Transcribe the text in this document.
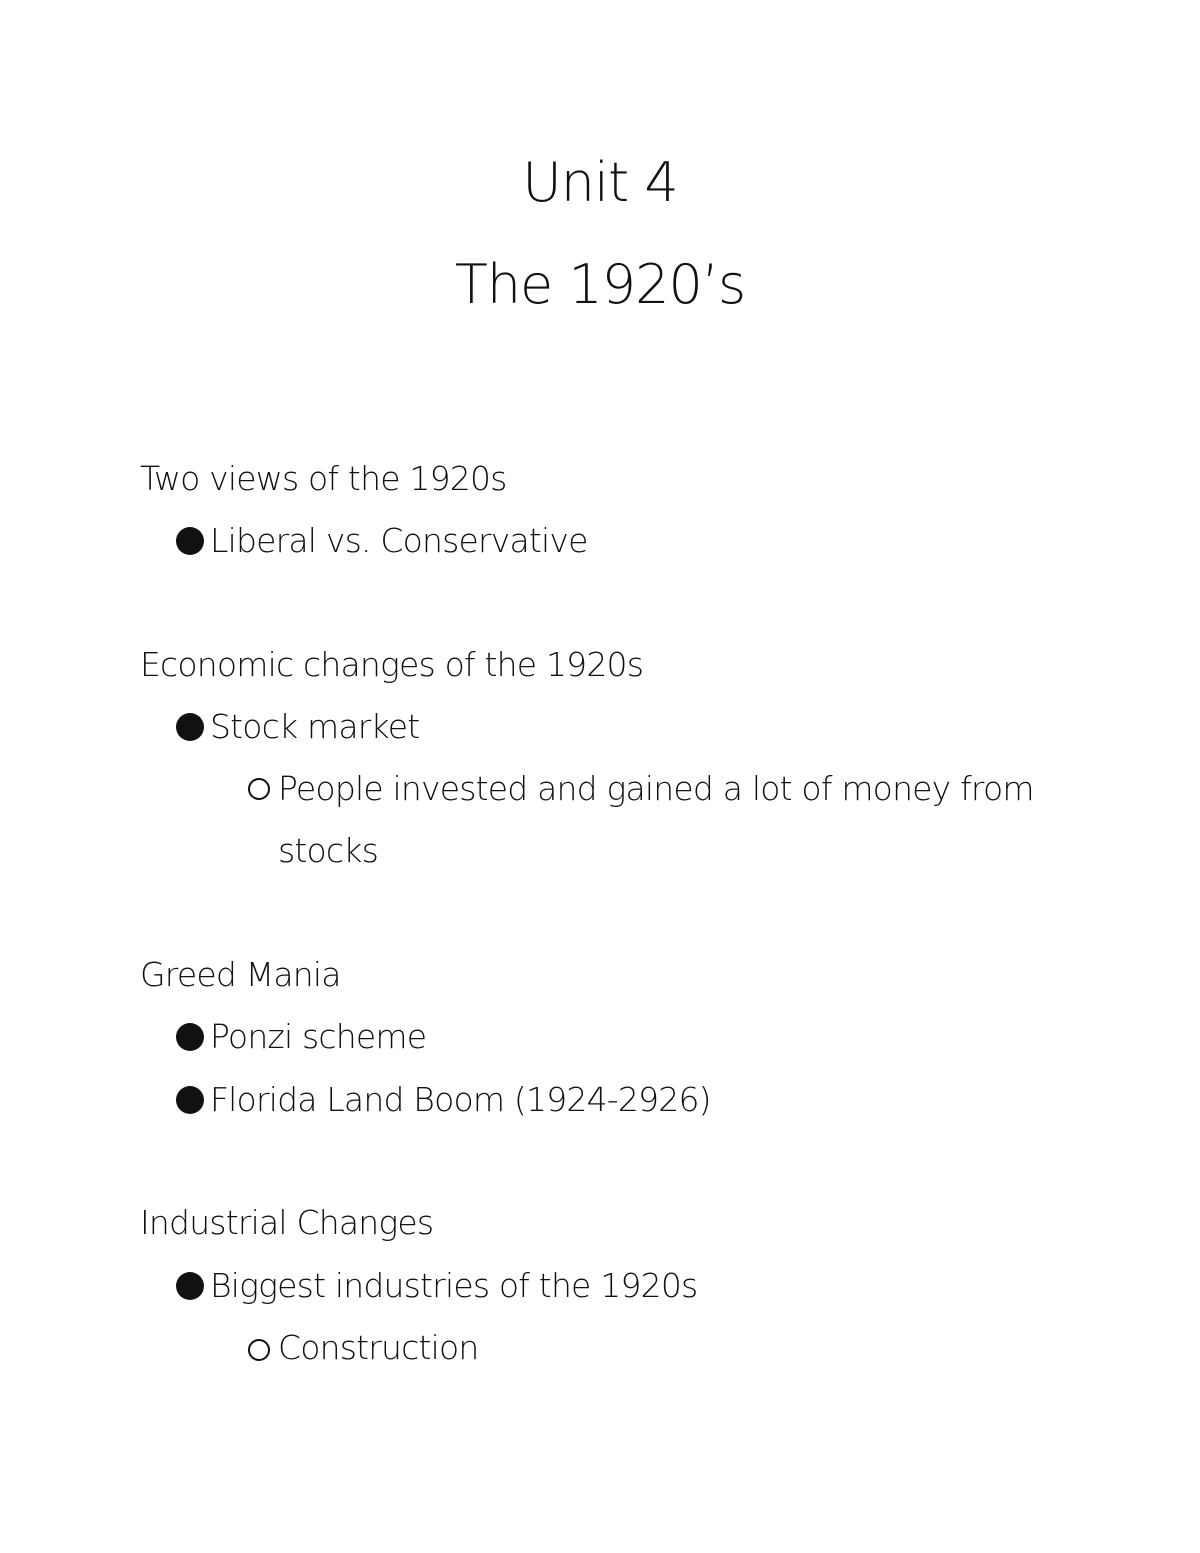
Unit 4
The 1920’s
Two views of the 1920s
Liberal vs. Conservative
Economic changes of the 1920s
Stock market
People invested and gained a lot of money from stocks
Greed Mania
Ponzi scheme
Florida Land Boom (1924-2926)
Industrial Changes
Biggest industries of the 1920s
Construction
